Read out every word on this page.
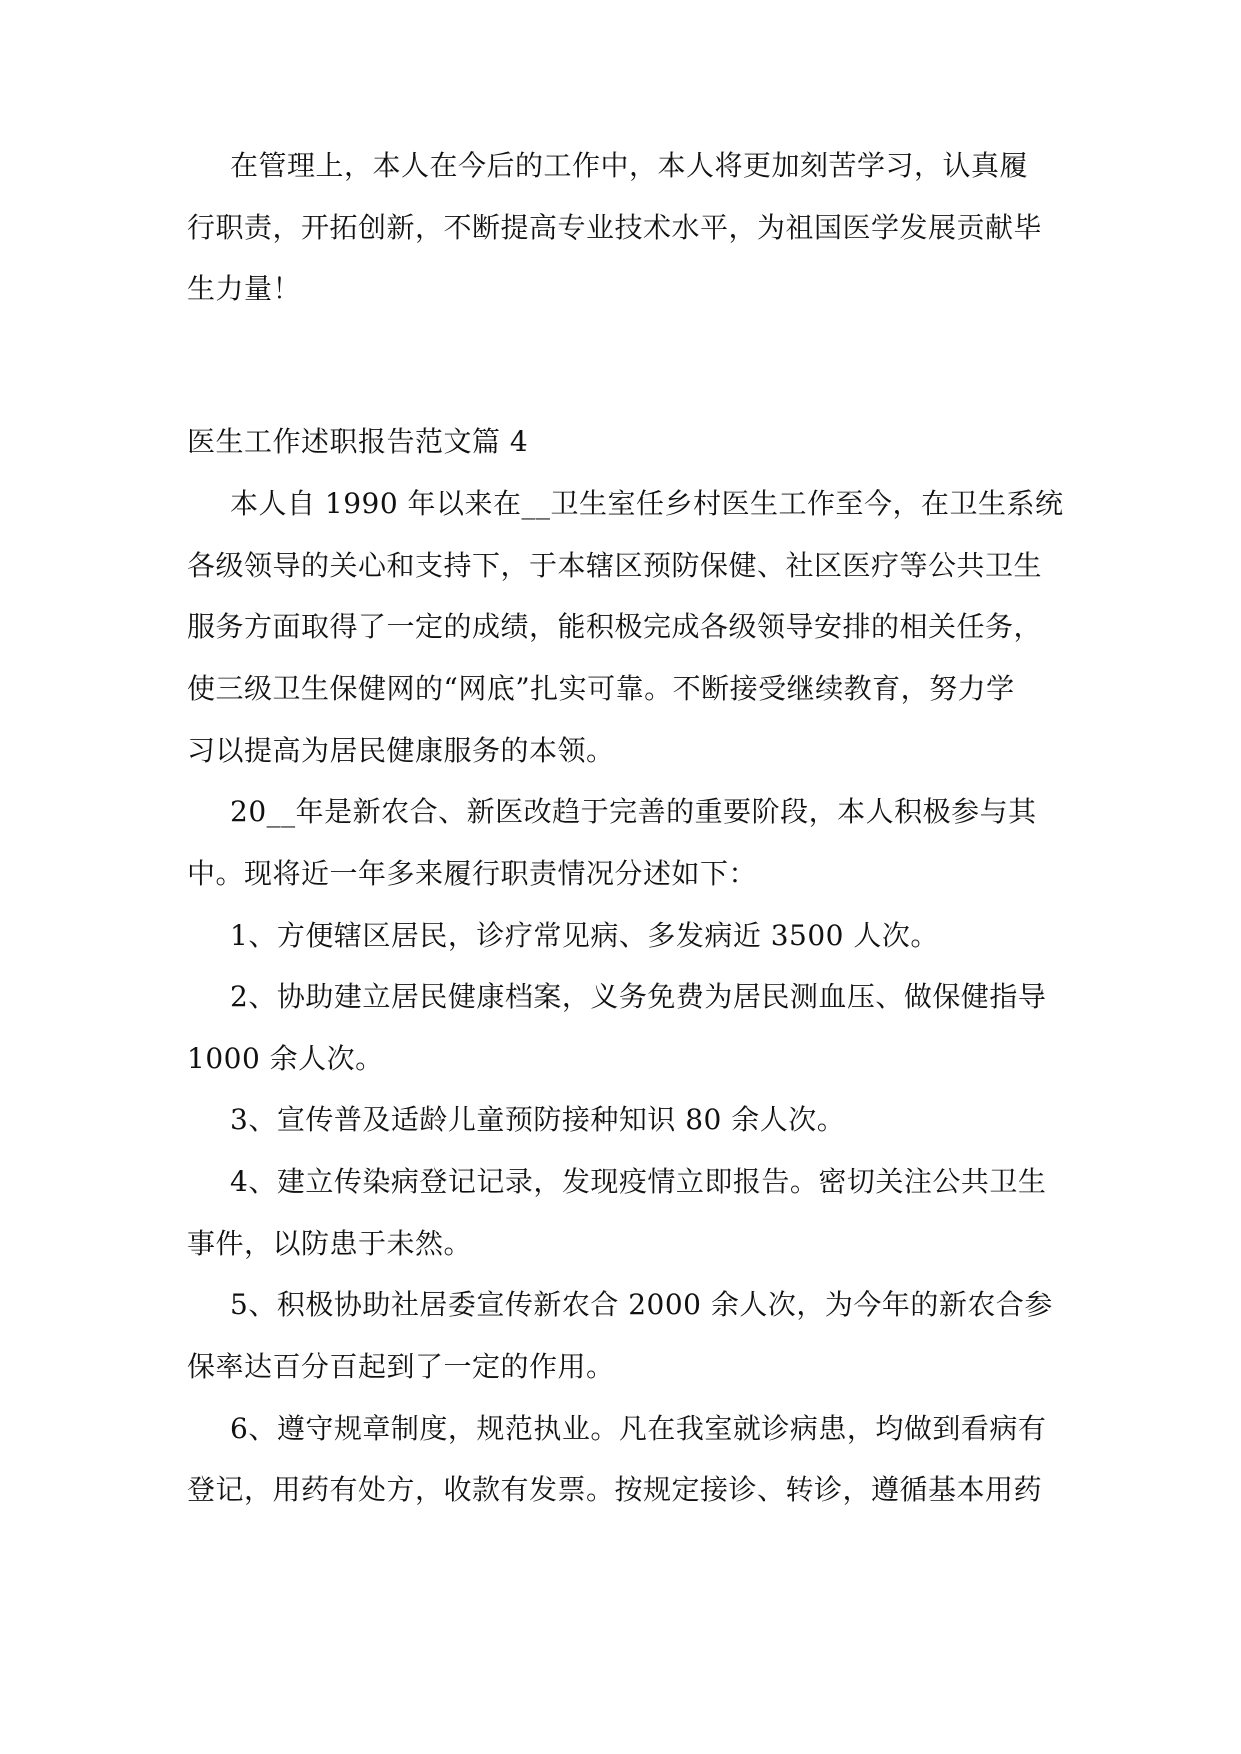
在管理上，本人在今后的工作中，本人将更加刻苦学习，认真履
行职责，开拓创新，不断提高专业技术水平，为祖国医学发展贡献毕
生力量！
医生工作述职报告范文篇 4
本人自 1990 年以来在__卫生室任乡村医生工作至今，在卫生系统
各级领导的关心和支持下，于本辖区预防保健、社区医疗等公共卫生
服务方面取得了一定的成绩，能积极完成各级领导安排的相关任务，
使三级卫生保健网的“网底”扎实可靠。不断接受继续教育，努力学
习以提高为居民健康服务的本领。
20__年是新农合、新医改趋于完善的重要阶段，本人积极参与其
中。现将近一年多来履行职责情况分述如下：
1、方便辖区居民，诊疗常见病、多发病近 3500 人次。
2、协助建立居民健康档案，义务免费为居民测血压、做保健指导
1000 余人次。
3、宣传普及适龄儿童预防接种知识 80 余人次。
4、建立传染病登记记录，发现疫情立即报告。密切关注公共卫生
事件，以防患于未然。
5、积极协助社居委宣传新农合 2000 余人次，为今年的新农合参
保率达百分百起到了一定的作用。
6、遵守规章制度，规范执业。凡在我室就诊病患，均做到看病有
登记，用药有处方，收款有发票。按规定接诊、转诊，遵循基本用药
